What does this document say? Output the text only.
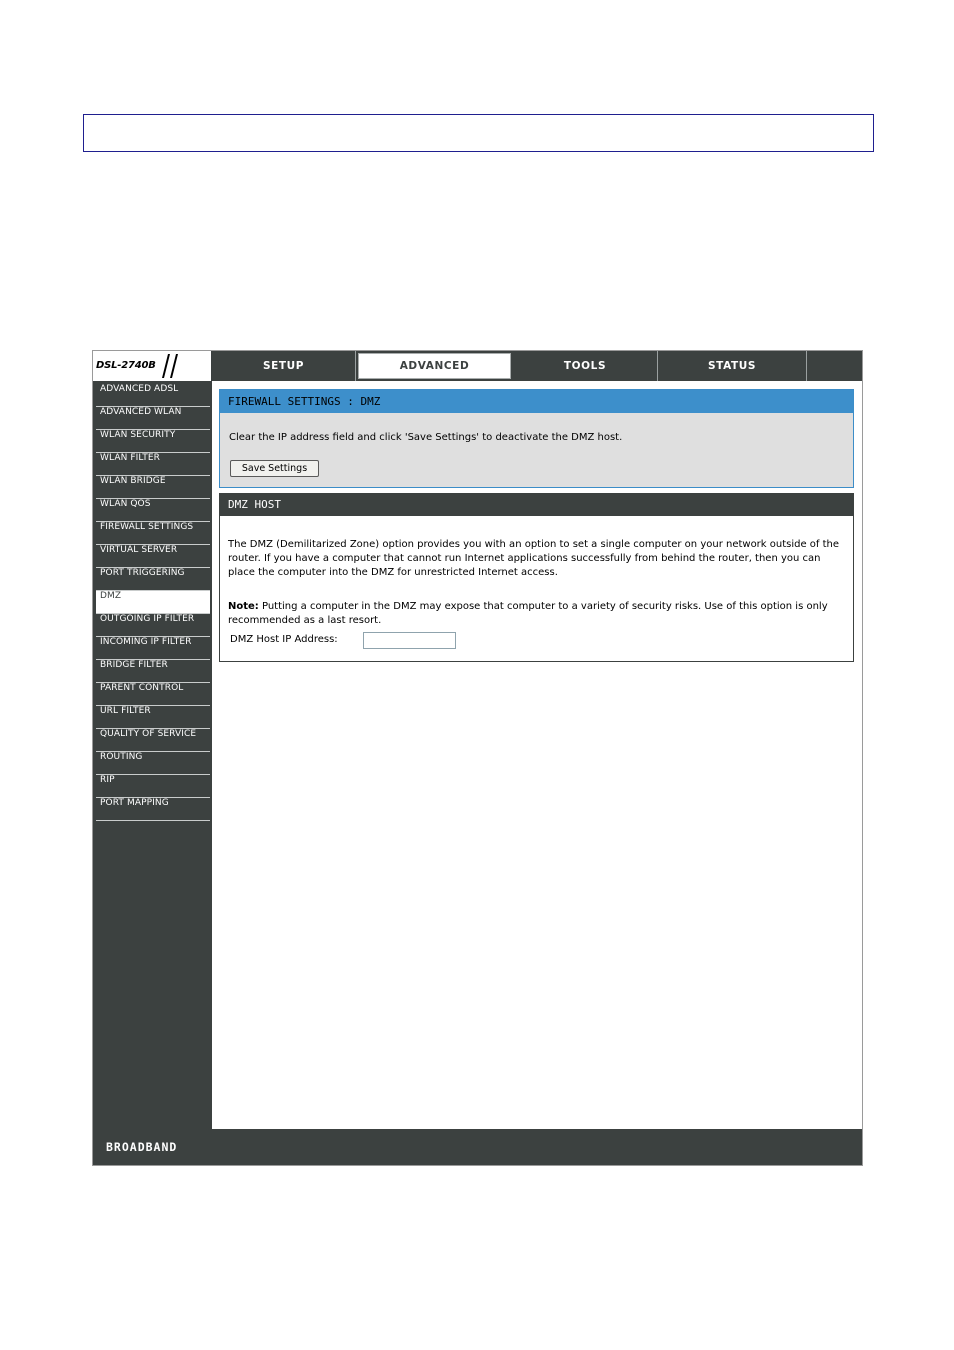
DSL-2740B	SETUP	ADVANCED	TOOLS	STATUS
ADVANCED ADSL
ADVANCED WLAN
WLAN SECURITY
WLAN FILTER
WLAN BRIDGE
WLAN QOS
FIREWALL SETTINGS
VIRTUAL SERVER
PORT TRIGGERING
DMZ
OUTGOING IP FILTER
INCOMING IP FILTER
BRIDGE FILTER
PARENT CONTROL
URL FILTER
QUALITY OF SERVICE
ROUTING
RIP
PORT MAPPING
FIREWALL SETTINGS : DMZ
Clear the IP address field and click 'Save Settings' to deactivate the DMZ host.
Save Settings
DMZ HOST
The DMZ (Demilitarized Zone) option provides you with an option to set a single computer on your network outside of the router. If you have a computer that cannot run Internet applications successfully from behind the router, then you can place the computer into the DMZ for unrestricted Internet access.
Note: Putting a computer in the DMZ may expose that computer to a variety of security risks. Use of this option is only recommended as a last resort.
DMZ Host IP Address:
BROADBAND
